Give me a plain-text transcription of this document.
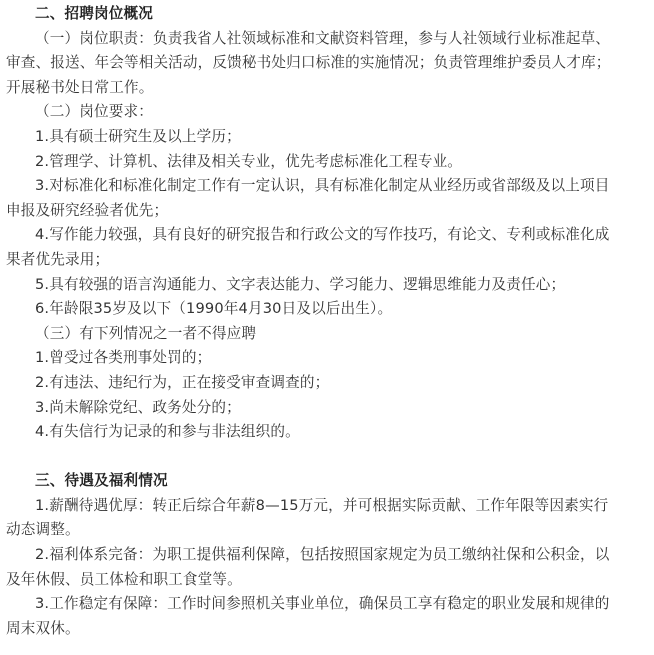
二、招聘岗位概况
（一）岗位职责：负责我省人社领域标准和文献资料管理，参与人社领域行业标准起草、
审查、报送、年会等相关活动，反馈秘书处归口标准的实施情况；负责管理维护委员人才库；
开展秘书处日常工作。
（二）岗位要求：
1.具有硕士研究生及以上学历；
2.管理学、计算机、法律及相关专业，优先考虑标准化工程专业。
3.对标准化和标准化制定工作有一定认识，具有标准化制定从业经历或省部级及以上项目
申报及研究经验者优先；
4.写作能力较强，具有良好的研究报告和行政公文的写作技巧，有论文、专利或标准化成
果者优先录用；
5.具有较强的语言沟通能力、文字表达能力、学习能力、逻辑思维能力及责任心；
6.年龄限35岁及以下（1990年4月30日及以后出生）。
（三）有下列情况之一者不得应聘
1.曾受过各类刑事处罚的；
2.有违法、违纪行为，正在接受审查调查的；
3.尚未解除党纪、政务处分的；
4.有失信行为记录的和参与非法组织的。
三、待遇及福利情况
1.薪酬待遇优厚：转正后综合年薪8—15万元，并可根据实际贡献、工作年限等因素实行
动态调整。
2.福利体系完备：为职工提供福利保障，包括按照国家规定为员工缴纳社保和公积金，以
及年休假、员工体检和职工食堂等。
3.工作稳定有保障：工作时间参照机关事业单位，确保员工享有稳定的职业发展和规律的
周末双休。
